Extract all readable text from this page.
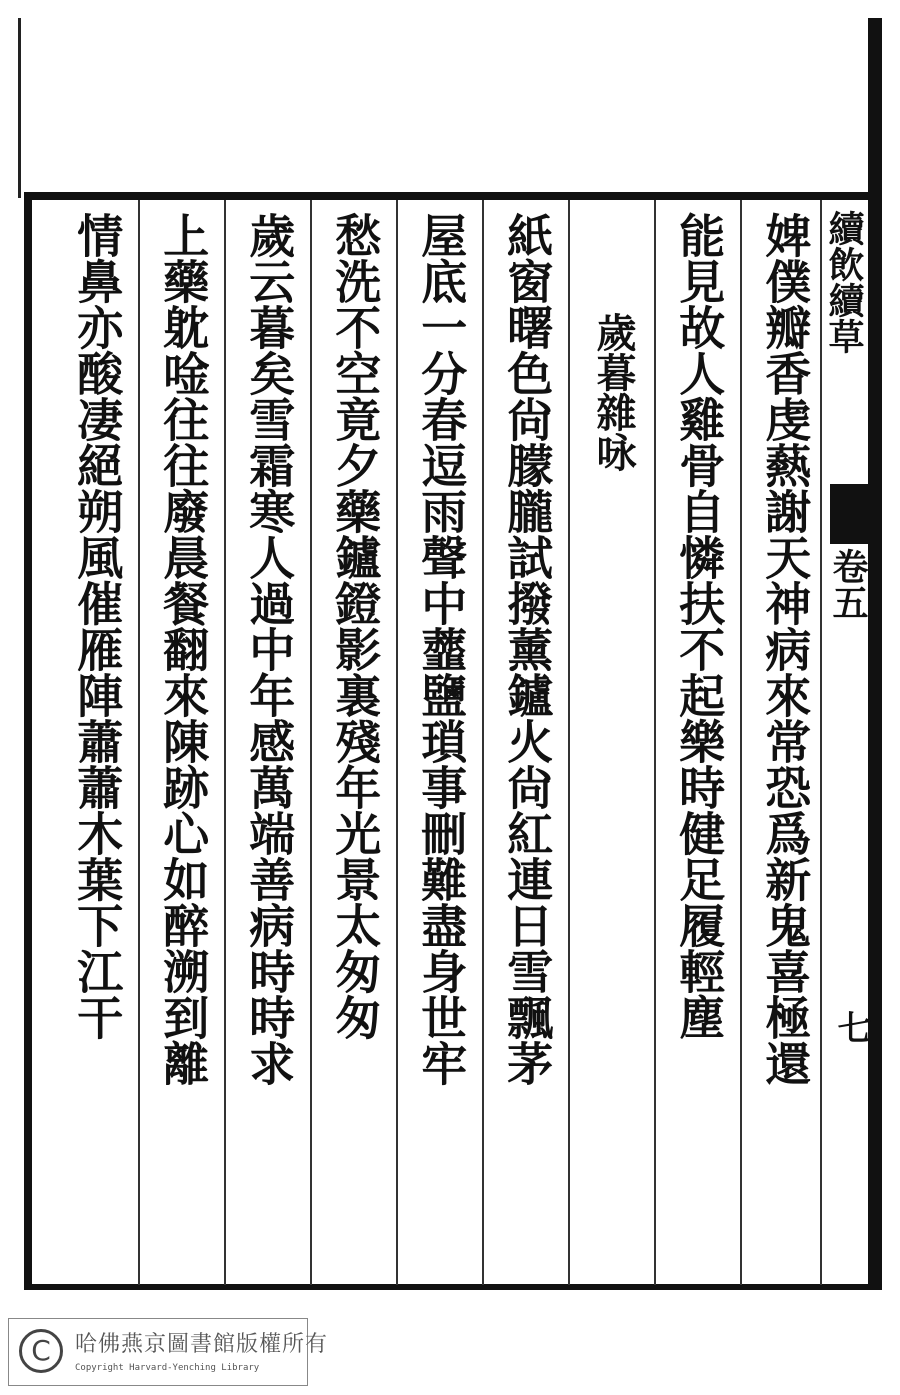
婢
僕
瓣
香
虔
爇
謝
天
神
病
來
常
恐
爲
新
鬼
喜
極
還
能
見
故
人
雞
骨
自
憐
扶
不
起
樂
時
健
足
履
輕
塵
歲
暮
雜
咏
紙
窗
曙
色
尙
朦
朧
試
撥
薰
鑪
火
尙
紅
連
日
雪
飄
茅
屋
底
一
分
春
逗
雨
聲
中
虀
鹽
瑣
事
刪
難
盡
身
世
牢
愁
洗
不
空
竟
夕
藥
鑪
鐙
影
裏
殘
年
光
景
太
匆
匆
歲
云
暮
矣
雪
霜
寒
人
過
中
年
感
萬
端
善
病
時
時
求
上
藥
躭
唫
往
往
廢
晨
餐
翻
來
陳
跡
心
如
醉
溯
到
離
情
鼻
亦
酸
凄
絕
朔
風
催
雁
陣
蕭
蕭
木
葉
下
江
干
續飲續草
卷五
七
C	哈佛燕京圖書館版權所有
Copyright Harvard-Yenching Library
